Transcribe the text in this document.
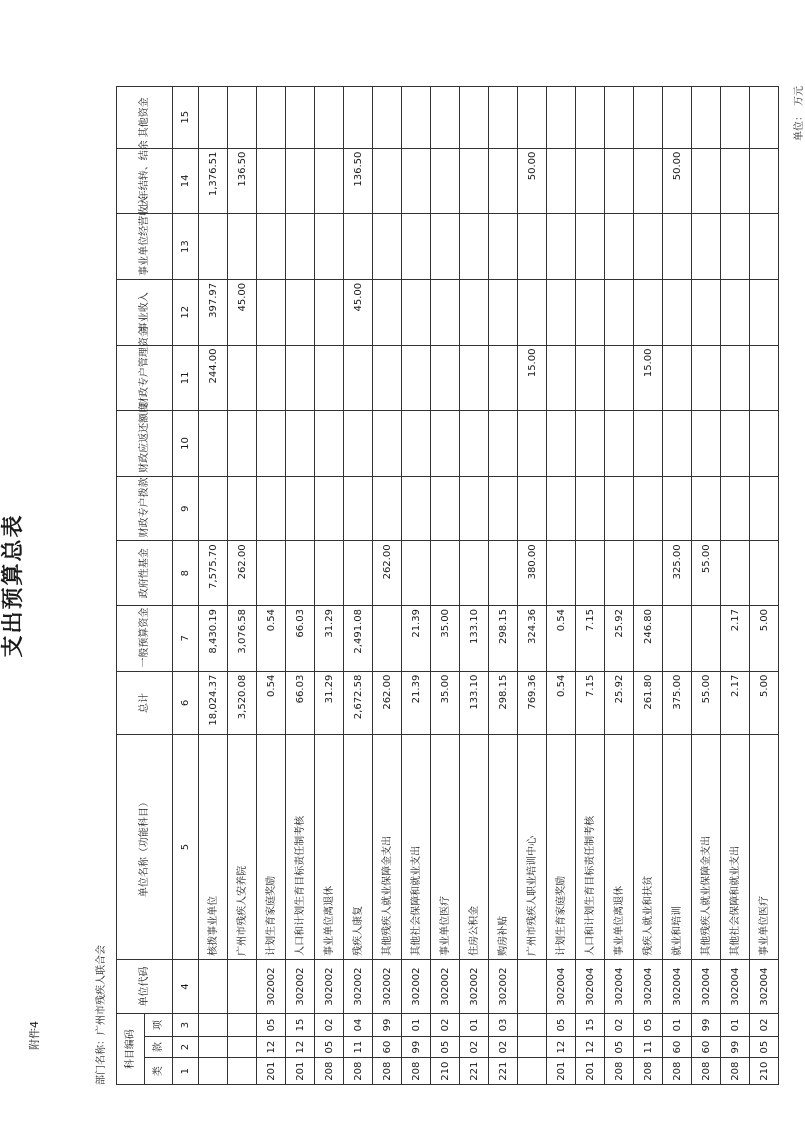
附件4
支出预算总表
部门名称：广州市残疾人联合会
单位：　万元
科目编码			单位代码	单位名称（功能科目）	总计	一般预算资金	政府性基金	财政专户拨款	财政应返还额度	财政专户管理资金	事业收入	事业单位经营收入	上年结转、结余	其他资金
类	款	项												
1	2	3	4	5	6	7	8	9	10	11	12	13	14	15
				核拨事业单位	18,024.37	8,430.19	7,575.70			244.00	397.97		1,376.51	
				广州市残疾人安养院	3,520.08	3,076.58	262.00				45.00		136.50	
201	12	05	302002	计划生育家庭奖励	0.54	0.54								
201	12	15	302002	人口和计划生育目标责任制考核	66.03	66.03								
208	05	02	302002	事业单位离退休	31.29	31.29								
208	11	04	302002	残疾人康复	2,672.58	2,491.08					45.00		136.50	
208	60	99	302002	其他残疾人就业保障金支出	262.00		262.00							
208	99	01	302002	其他社会保障和就业支出	21.39	21.39								
210	05	02	302002	事业单位医疗	35.00	35.00								
221	02	01	302002	住房公积金	133.10	133.10								
221	02	03	302002	购房补贴	298.15	298.15								
				广州市残疾人职业培训中心	769.36	324.36	380.00			15.00			50.00	
201	12	05	302004	计划生育家庭奖励	0.54	0.54								
201	12	15	302004	人口和计划生育目标责任制考核	7.15	7.15								
208	05	02	302004	事业单位离退休	25.92	25.92								
208	11	05	302004	残疾人就业和扶贫	261.80	246.80				15.00				
208	60	01	302004	就业和培训	375.00		325.00						50.00	
208	60	99	302004	其他残疾人就业保障金支出	55.00		55.00							
208	99	01	302004	其他社会保障和就业支出	2.17	2.17								
210	05	02	302004	事业单位医疗	5.00	5.00								
